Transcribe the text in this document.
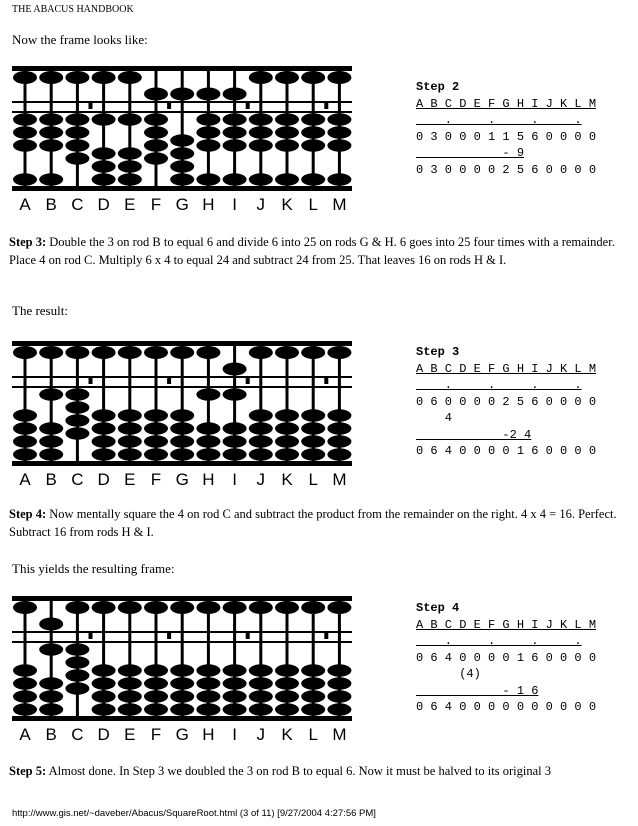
THE ABACUS HANDBOOK
Now the frame looks like:
A B C D E F G H I J K L M
Step 2
A B C D E F G H I J K L M
.     .     .     .
0 3 0 0 0 1 1 5 6 0 0 0 0
- 9
0 3 0 0 0 0 2 5 6 0 0 0 0
Step 3: Double the 3 on rod B to equal 6 and divide 6 into 25 on rods G & H. 6 goes into 25 four times with a remainder. Place 4 on rod C. Multiply 6 x 4 to equal 24 and subtract 24 from 25. That leaves 16 on rods H & I.
The result:
A B C D E F G H I J K L M
Step 3
A B C D E F G H I J K L M
.     .     .     .
0 6 0 0 0 0 2 5 6 0 0 0 0
4
-2 4
0 6 4 0 0 0 0 1 6 0 0 0 0
Step 4: Now mentally square the 4 on rod C and subtract the product from the remainder on the right. 4 x 4 = 16. Perfect. Subtract 16 from rods H & I.
This yields the resulting frame:
A B C D E F G H I J K L M
Step 4
A B C D E F G H I J K L M
.     .     .     .
0 6 4 0 0 0 0 1 6 0 0 0 0
(4)
- 1 6
0 6 4 0 0 0 0 0 0 0 0 0 0
Step 5: Almost done. In Step 3 we doubled the 3 on rod B to equal 6. Now it must be halved to its original 3
http://www.gis.net/~daveber/Abacus/SquareRoot.html (3 of 11) [9/27/2004 4:27:56 PM]
